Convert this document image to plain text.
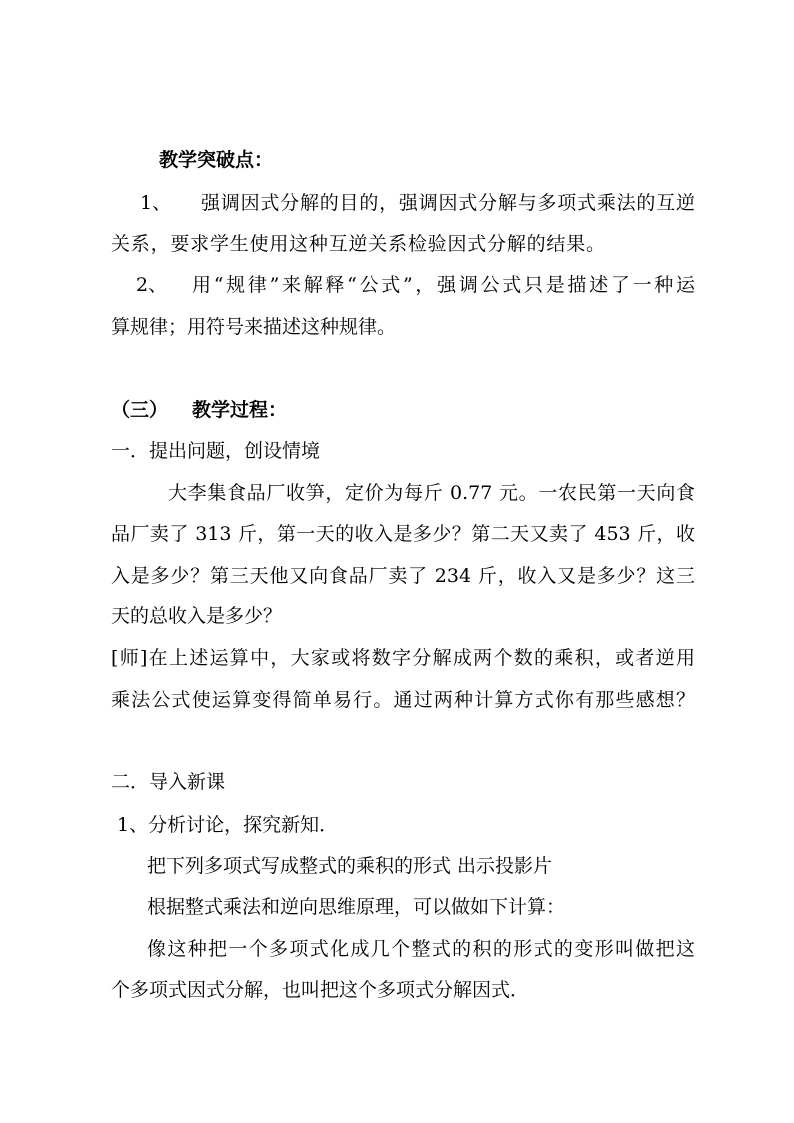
教学突破点：
1、 强调因式分解的目的，强调因式分解与多项式乘法的互逆
关系，要求学生使用这种互逆关系检验因式分解的结果。
2、 用“规律”来解释“公式”，强调公式只是描述了一种运
算规律；用符号来描述这种规律。
（三） 教学过程：
一．提出问题，创设情境
大李集食品厂收笋，定价为每斤 0.77 元。一农民第一天向食
品厂卖了 313 斤，第一天的收入是多少？第二天又卖了 453 斤，收
入是多少？第三天他又向食品厂卖了 234 斤，收入又是多少？这三
天的总收入是多少？
[师]在上述运算中，大家或将数字分解成两个数的乘积，或者逆用
乘法公式使运算变得简单易行。通过两种计算方式你有那些感想？
二．导入新课
1、分析讨论，探究新知．
把下列多项式写成整式的乘积的形式 出示投影片
根据整式乘法和逆向思维原理，可以做如下计算：
像这种把一个多项式化成几个整式的积的形式的变形叫做把这
个多项式因式分解，也叫把这个多项式分解因式．
